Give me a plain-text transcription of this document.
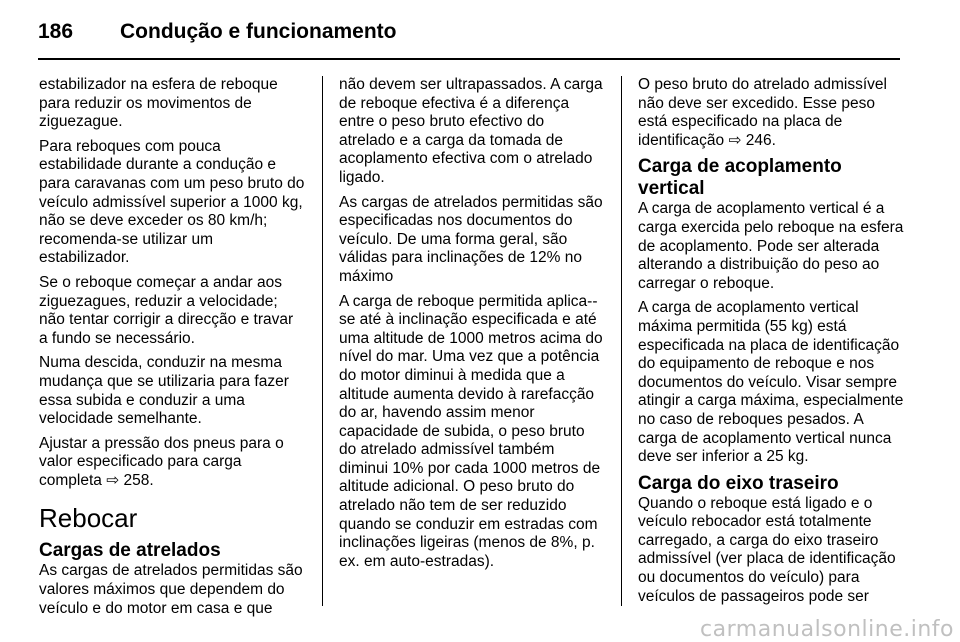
186 Condução e funcionamento

estabilizador na esfera de reboque para reduzir os movimentos de ziguezague.

Para reboques com pouca estabilidade durante a condução e para caravanas com um peso bruto do veículo admissível superior a 1000 kg, não se deve exceder os 80 km/h; recomenda-se utilizar um estabilizador.

Se o reboque começar a andar aos ziguezagues, reduzir a velocidade; não tentar corrigir a direcção e travar a fundo se necessário.

Numa descida, conduzir na mesma mudança que se utilizaria para fazer essa subida e conduzir a uma velocidade semelhante.

Ajustar a pressão dos pneus para o valor especificado para carga completa ⇨ 258.

Rebocar
Cargas de atrelados

As cargas de atrelados permitidas são valores máximos que dependem do veículo e do motor em casa e que

não devem ser ultrapassados. A carga de reboque efectiva é a diferença entre o peso bruto efectivo do atrelado e a carga da tomada de acoplamento efectiva com o atrelado ligado.

As cargas de atrelados permitidas são especificadas nos documentos do veículo. De uma forma geral, são válidas para inclinações de 12% no máximo

A carga de reboque permitida aplica--se até à inclinação especificada e até uma altitude de 1000 metros acima do nível do mar. Uma vez que a potência do motor diminui à medida que a altitude aumenta devido à rarefacção do ar, havendo assim menor capacidade de subida, o peso bruto do atrelado admissível também diminui 10% por cada 1000 metros de altitude adicional. O peso bruto do atrelado não tem de ser reduzido quando se conduzir em estradas com inclinações ligeiras (menos de 8%, p. ex. em auto-estradas).

O peso bruto do atrelado admissível não deve ser excedido. Esse peso está especificado na placa de identificação ⇨ 246.

Carga de acoplamento vertical

A carga de acoplamento vertical é a carga exercida pelo reboque na esfera de acoplamento. Pode ser alterada alterando a distribuição do peso ao carregar o reboque.

A carga de acoplamento vertical máxima permitida (55 kg) está especificada na placa de identificação do equipamento de reboque e nos documentos do veículo. Visar sempre atingir a carga máxima, especialmente no caso de reboques pesados. A carga de acoplamento vertical nunca deve ser inferior a 25 kg.

Carga do eixo traseiro

Quando o reboque está ligado e o veículo rebocador está totalmente carregado, a carga do eixo traseiro admissível (ver placa de identificação ou documentos do veículo) para veículos de passageiros pode ser

carmanualsonline.info
